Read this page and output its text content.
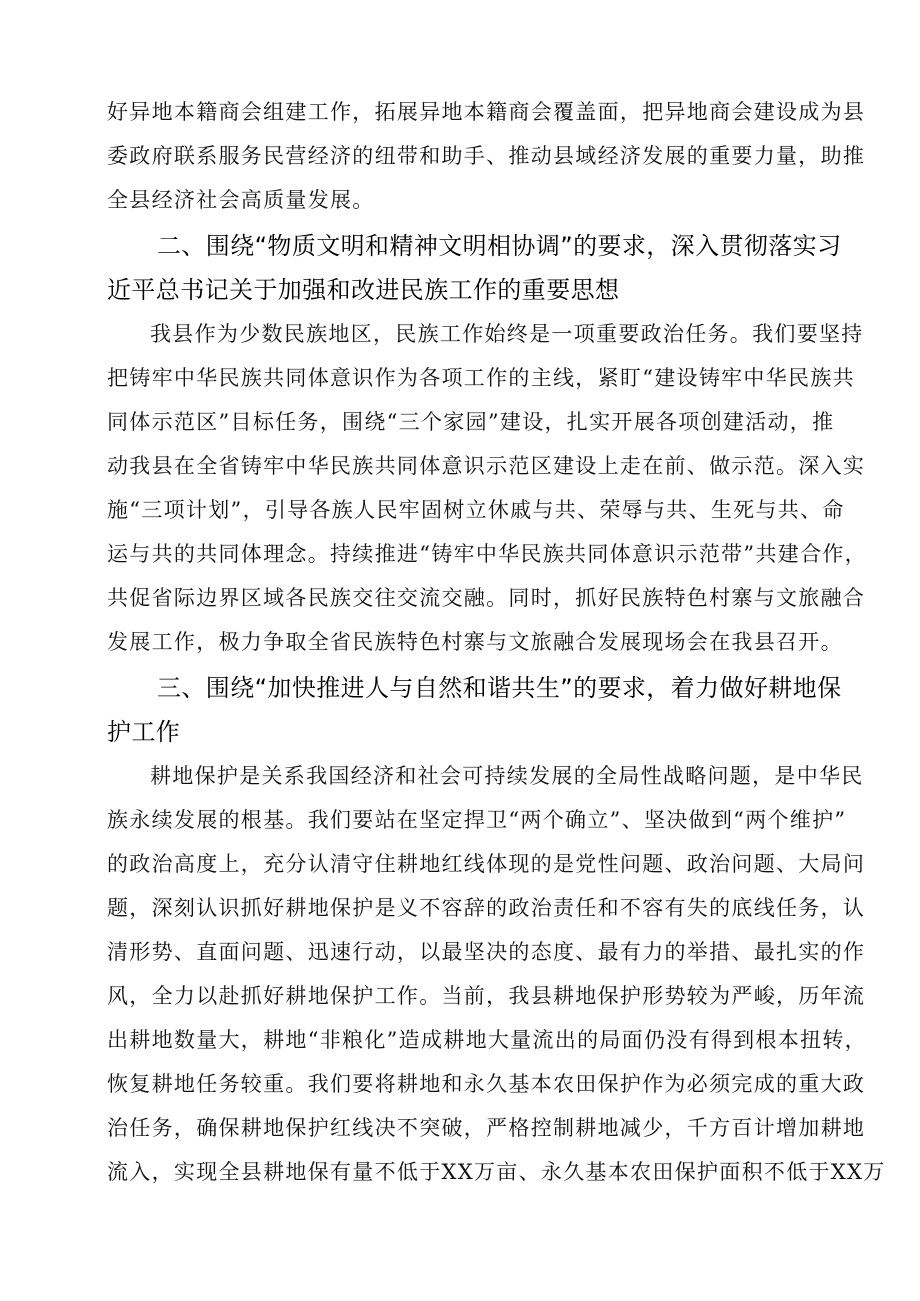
好异地本籍商会组建工作，拓展异地本籍商会覆盖面，把异地商会建设成为县
委政府联系服务民营经济的纽带和助手、推动县域经济发展的重要力量，助推
全县经济社会高质量发展。
二、围绕“物质文明和精神文明相协调”的要求，深入贯彻落实习
近平总书记关于加强和改进民族工作的重要思想
我县作为少数民族地区，民族工作始终是一项重要政治任务。我们要坚持
把铸牢中华民族共同体意识作为各项工作的主线，紧盯“建设铸牢中华民族共
同体示范区”目标任务，围绕“三个家园”建设，扎实开展各项创建活动，推
动我县在全省铸牢中华民族共同体意识示范区建设上走在前、做示范。深入实
施“三项计划”，引导各族人民牢固树立休戚与共、荣辱与共、生死与共、命
运与共的共同体理念。持续推进“铸牢中华民族共同体意识示范带”共建合作，
共促省际边界区域各民族交往交流交融。同时，抓好民族特色村寨与文旅融合
发展工作，极力争取全省民族特色村寨与文旅融合发展现场会在我县召开。
三、围绕“加快推进人与自然和谐共生”的要求，着力做好耕地保
护工作
耕地保护是关系我国经济和社会可持续发展的全局性战略问题，是中华民
族永续发展的根基。我们要站在坚定捍卫“两个确立”、坚决做到“两个维护”
的政治高度上，充分认清守住耕地红线体现的是党性问题、政治问题、大局问
题，深刻认识抓好耕地保护是义不容辞的政治责任和不容有失的底线任务，认
清形势、直面问题、迅速行动，以最坚决的态度、最有力的举措、最扎实的作
风，全力以赴抓好耕地保护工作。当前，我县耕地保护形势较为严峻，历年流
出耕地数量大，耕地“非粮化”造成耕地大量流出的局面仍没有得到根本扭转，
恢复耕地任务较重。我们要将耕地和永久基本农田保护作为必须完成的重大政
治任务，确保耕地保护红线决不突破，严格控制耕地减少，千方百计增加耕地
流入，实现全县耕地保有量不低于XX万亩、永久基本农田保护面积不低于XX万
